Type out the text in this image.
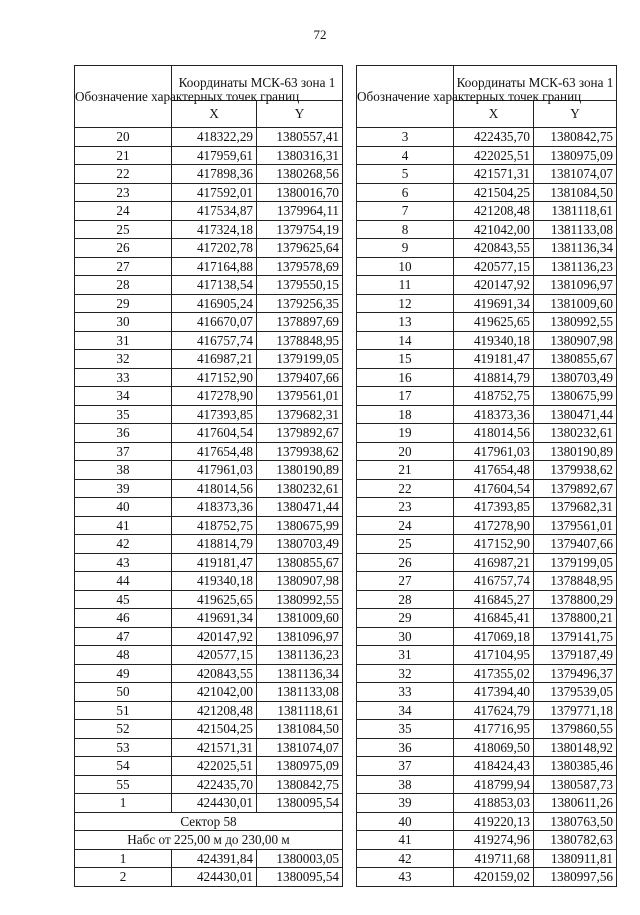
72
Обозначение характерных точек границ	Координаты МСК-63 зона 1	
	X	Y
20	418322,29	1380557,41
21	417959,61	1380316,31
22	417898,36	1380268,56
23	417592,01	1380016,70
24	417534,87	1379964,11
25	417324,18	1379754,19
26	417202,78	1379625,64
27	417164,88	1379578,69
28	417138,54	1379550,15
29	416905,24	1379256,35
30	416670,07	1378897,69
31	416757,74	1378848,95
32	416987,21	1379199,05
33	417152,90	1379407,66
34	417278,90	1379561,01
35	417393,85	1379682,31
36	417604,54	1379892,67
37	417654,48	1379938,62
38	417961,03	1380190,89
39	418014,56	1380232,61
40	418373,36	1380471,44
41	418752,75	1380675,99
42	418814,79	1380703,49
43	419181,47	1380855,67
44	419340,18	1380907,98
45	419625,65	1380992,55
46	419691,34	1381009,60
47	420147,92	1381096,97
48	420577,15	1381136,23
49	420843,55	1381136,34
50	421042,00	1381133,08
51	421208,48	1381118,61
52	421504,25	1381084,50
53	421571,31	1381074,07
54	422025,51	1380975,09
55	422435,70	1380842,75
1	424430,01	1380095,54
Сектор 58		
Набс от 225,00 м до 230,00 м		
1	424391,84	1380003,05
2	424430,01	1380095,54
Обозначение характерных точек границ	Координаты МСК-63 зона 1	
	X	Y
3	422435,70	1380842,75
4	422025,51	1380975,09
5	421571,31	1381074,07
6	421504,25	1381084,50
7	421208,48	1381118,61
8	421042,00	1381133,08
9	420843,55	1381136,34
10	420577,15	1381136,23
11	420147,92	1381096,97
12	419691,34	1381009,60
13	419625,65	1380992,55
14	419340,18	1380907,98
15	419181,47	1380855,67
16	418814,79	1380703,49
17	418752,75	1380675,99
18	418373,36	1380471,44
19	418014,56	1380232,61
20	417961,03	1380190,89
21	417654,48	1379938,62
22	417604,54	1379892,67
23	417393,85	1379682,31
24	417278,90	1379561,01
25	417152,90	1379407,66
26	416987,21	1379199,05
27	416757,74	1378848,95
28	416845,27	1378800,29
29	416845,41	1378800,21
30	417069,18	1379141,75
31	417104,95	1379187,49
32	417355,02	1379496,37
33	417394,40	1379539,05
34	417624,79	1379771,18
35	417716,95	1379860,55
36	418069,50	1380148,92
37	418424,43	1380385,46
38	418799,94	1380587,73
39	418853,03	1380611,26
40	419220,13	1380763,50
41	419274,96	1380782,63
42	419711,68	1380911,81
43	420159,02	1380997,56
